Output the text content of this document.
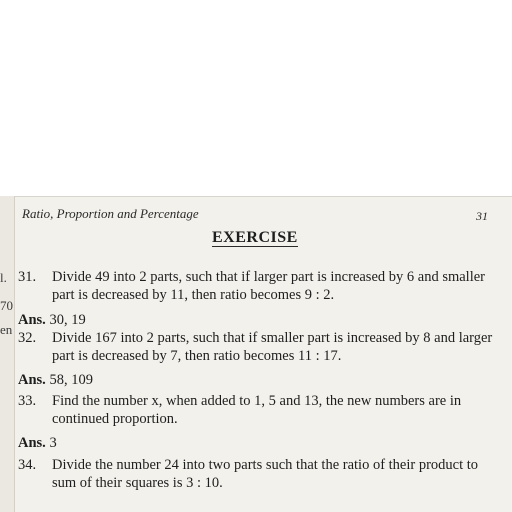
l.
70
en
Ratio, Proportion and Percentage	31
EXERCISE
31. Divide 49 into 2 parts, such that if larger part is increased by 6 and smaller
part is decreased by 11, then ratio becomes 9 : 2.
Ans. 30, 19
32. Divide 167 into 2 parts, such that if smaller part is increased by 8 and larger
part is decreased by 7, then ratio becomes 11 : 17.
Ans. 58, 109
33. Find the number x, when added to 1, 5 and 13, the new numbers are in
continued proportion.
Ans. 3
34. Divide the number 24 into two parts such that the ratio of their product to
sum of their squares is 3 : 10.
